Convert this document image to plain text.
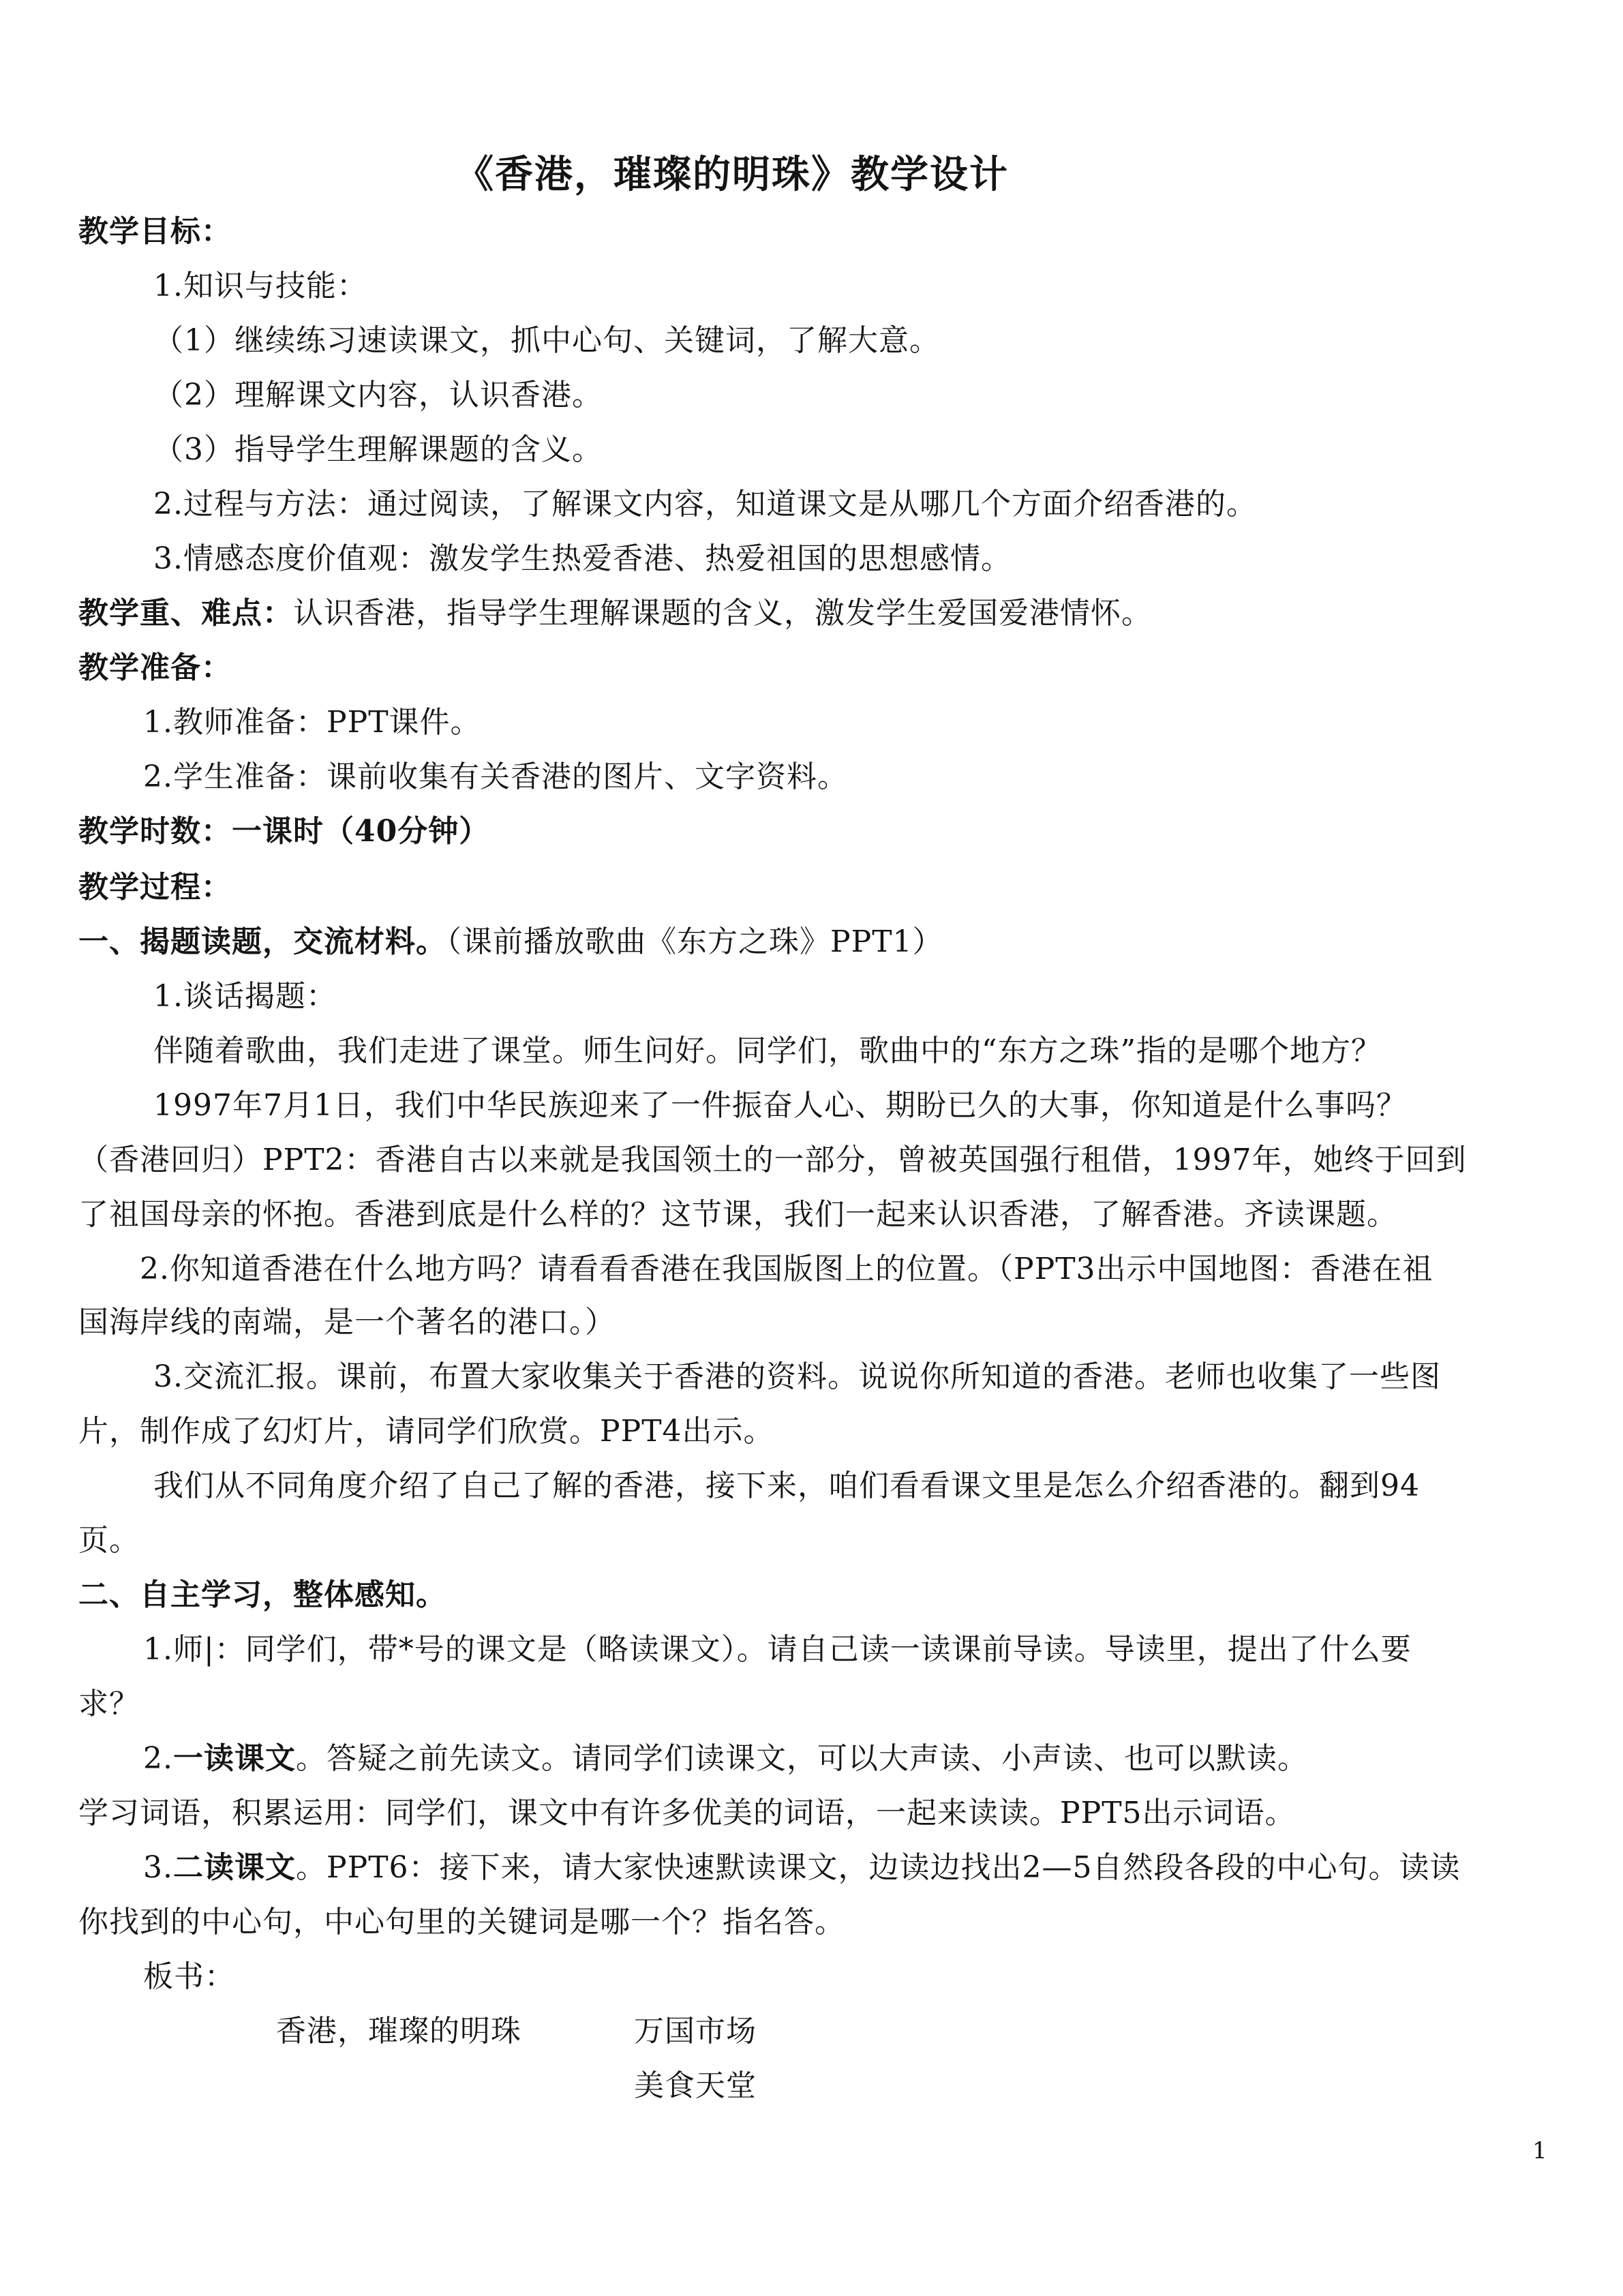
《香港，璀璨的明珠》教学设计
教学目标：
1.知识与技能：
（1）继续练习速读课文，抓中心句、关键词，了解大意。
（2）理解课文内容，认识香港。
（3）指导学生理解课题的含义。
2.过程与方法：通过阅读，了解课文内容，知道课文是从哪几个方面介绍香港的。
3.情感态度价值观：激发学生热爱香港、热爱祖国的思想感情。
教学重、难点：认识香港，指导学生理解课题的含义，激发学生爱国爱港情怀。
教学准备：
1.教师准备：PPT课件。
2.学生准备：课前收集有关香港的图片、文字资料。
教学时数：一课时（40分钟）
教学过程：
一、揭题读题，交流材料。（课前播放歌曲《东方之珠》PPT1）
1.谈话揭题：
伴随着歌曲，我们走进了课堂。师生问好。同学们，歌曲中的“东方之珠”指的是哪个地方？
1997年7月1日，我们中华民族迎来了一件振奋人心、期盼已久的大事，你知道是什么事吗？
（香港回归）PPT2：香港自古以来就是我国领土的一部分，曾被英国强行租借，1997年，她终于回到
了祖国母亲的怀抱。香港到底是什么样的？这节课，我们一起来认识香港，了解香港。齐读课题。
2.你知道香港在什么地方吗？请看看香港在我国版图上的位置。（PPT3出示中国地图：香港在祖
国海岸线的南端，是一个著名的港口。）
3.交流汇报。课前，布置大家收集关于香港的资料。说说你所知道的香港。老师也收集了一些图
片，制作成了幻灯片，请同学们欣赏。PPT4出示。
我们从不同角度介绍了自己了解的香港，接下来，咱们看看课文里是怎么介绍香港的。翻到94
页。
二、自主学习，整体感知。
1.师|：同学们，带*号的课文是（略读课文）。请自己读一读课前导读。导读里，提出了什么要
求？
2.一读课文。答疑之前先读文。请同学们读课文，可以大声读、小声读、也可以默读。
学习词语，积累运用：同学们，课文中有许多优美的词语，一起来读读。PPT5出示词语。
3.二读课文。PPT6：接下来，请大家快速默读课文，边读边找出2—5自然段各段的中心句。读读
你找到的中心句，中心句里的关键词是哪一个？指名答。
板书：
香港，璀璨的明珠	万国市场
美食天堂
1
